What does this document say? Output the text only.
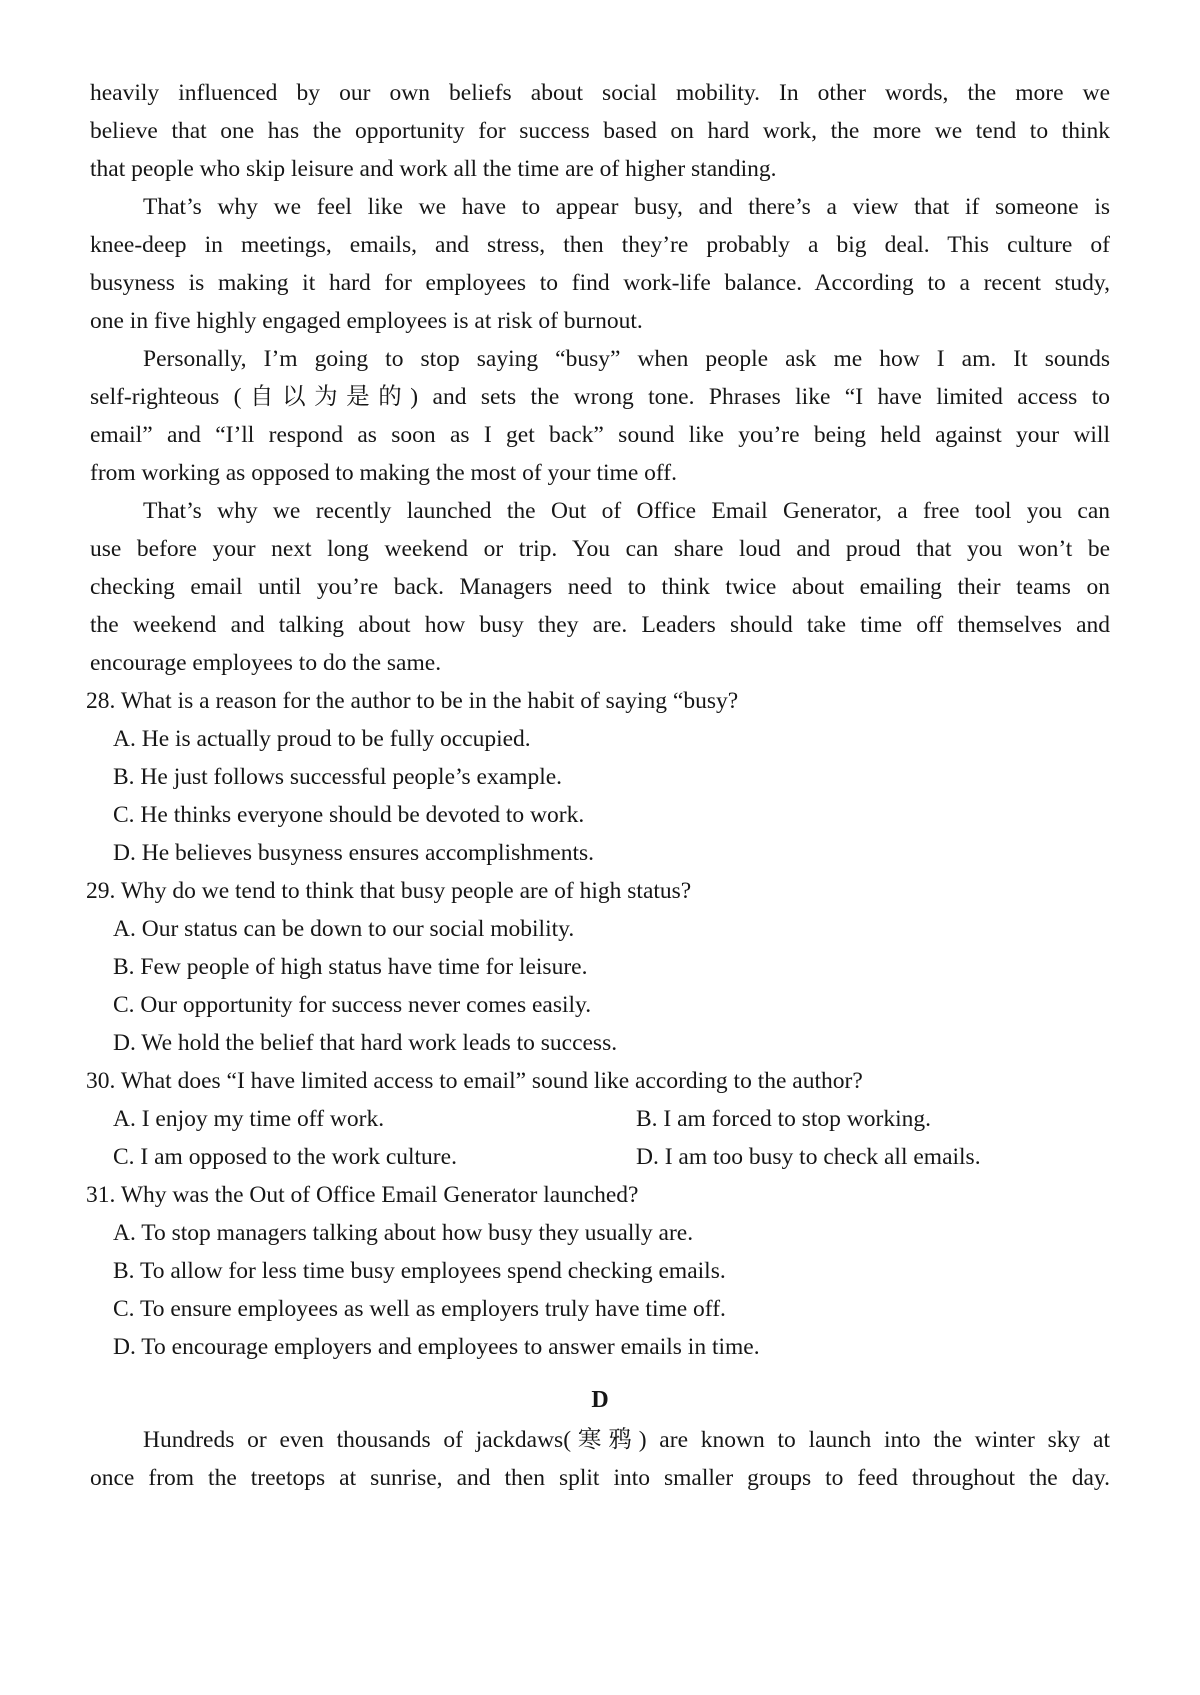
heavily influenced by our own beliefs about social mobility. In other words, the more we
believe that one has the opportunity for success based on hard work, the more we tend to think
that people who skip leisure and work all the time are of higher standing.
That’s why we feel like we have to appear busy, and there’s a view that if someone is
knee-deep in meetings, emails, and stress, then they’re probably a big deal. This culture of
busyness is making it hard for employees to find work-life balance. According to a recent study,
one in five highly engaged employees is at risk of burnout.
Personally, I’m going to stop saying “busy” when people ask me how I am. It sounds
self-righteous (自以为是的) and sets the wrong tone. Phrases like “I have limited access to
email” and “I’ll respond as soon as I get back” sound like you’re being held against your will
from working as opposed to making the most of your time off.
That’s why we recently launched the Out of Office Email Generator, a free tool you can
use before your next long weekend or trip. You can share loud and proud that you won’t be
checking email until you’re back. Managers need to think twice about emailing their teams on
the weekend and talking about how busy they are. Leaders should take time off themselves and
encourage employees to do the same.
28. What is a reason for the author to be in the habit of saying “busy?
A. He is actually proud to be fully occupied.
B. He just follows successful people’s example.
C. He thinks everyone should be devoted to work.
D. He believes busyness ensures accomplishments.
29. Why do we tend to think that busy people are of high status?
A. Our status can be down to our social mobility.
B. Few people of high status have time for leisure.
C. Our opportunity for success never comes easily.
D. We hold the belief that hard work leads to success.
30. What does “I have limited access to email” sound like according to the author?
A. I enjoy my time off work.	B. I am forced to stop working.
C. I am opposed to the work culture.	D. I am too busy to check all emails.
31. Why was the Out of Office Email Generator launched?
A. To stop managers talking about how busy they usually are.
B. To allow for less time busy employees spend checking emails.
C. To ensure employees as well as employers truly have time off.
D. To encourage employers and employees to answer emails in time.
D
Hundreds or even thousands of jackdaws(寒鸦) are known to launch into the winter sky at
once from the treetops at sunrise, and then split into smaller groups to feed throughout the day.
